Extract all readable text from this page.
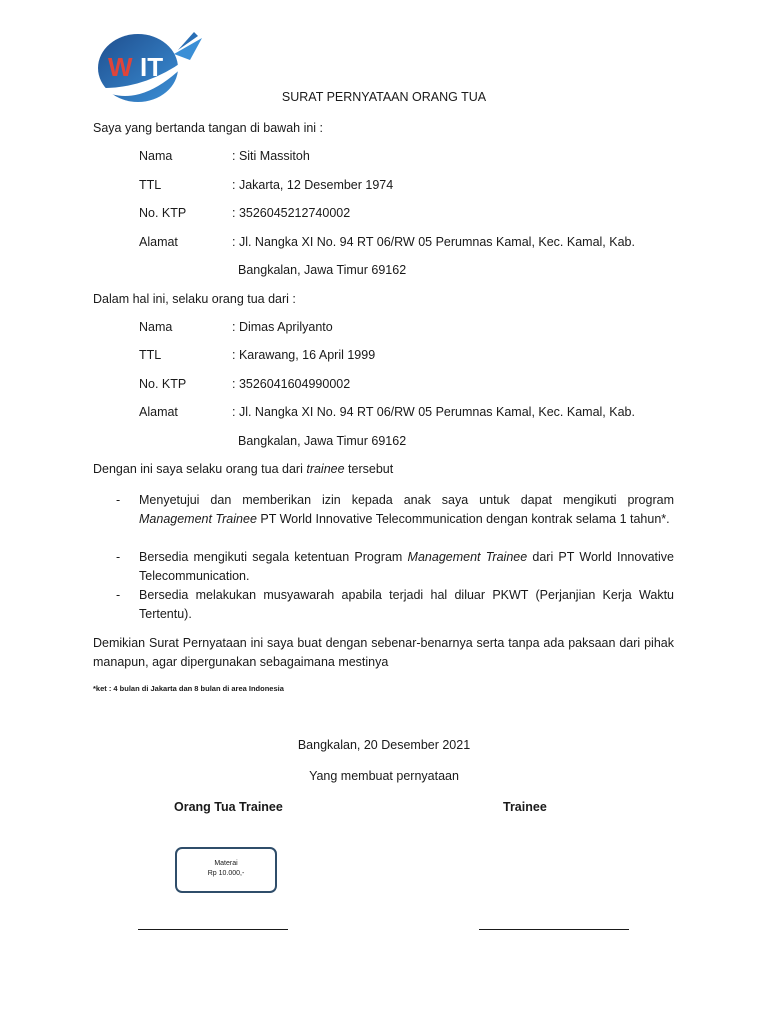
W IT
SURAT PERNYATAAN ORANG TUA
Saya yang bertanda tangan di bawah ini :
Nama	: Siti Massitoh
TTL	: Jakarta, 12 Desember 1974
No. KTP	: 3526045212740002
Alamat	: Jl. Nangka XI No. 94 RT 06/RW 05 Perumnas Kamal, Kec. Kamal, Kab.
Bangkalan, Jawa Timur 69162
Dalam hal ini, selaku orang tua dari :
Nama	: Dimas Aprilyanto
TTL	: Karawang, 16 April 1999
No. KTP	: 3526041604990002
Alamat	: Jl. Nangka XI No. 94 RT 06/RW 05 Perumnas Kamal, Kec. Kamal, Kab.
Bangkalan, Jawa Timur 69162
Dengan ini saya selaku orang tua dari trainee tersebut
-	Menyetujui dan memberikan izin kepada anak saya untuk dapat mengikuti program Management Trainee PT World Innovative Telecommunication dengan kontrak selama 1 tahun*.
-	Bersedia mengikuti segala ketentuan Program Management Trainee dari PT World Innovative Telecommunication.
-	Bersedia melakukan musyawarah apabila terjadi hal diluar PKWT (Perjanjian Kerja Waktu Tertentu).
Demikian Surat Pernyataan ini saya buat dengan sebenar-benarnya serta tanpa ada paksaan dari pihak manapun, agar dipergunakan sebagaimana mestinya
*ket : 4 bulan di Jakarta dan 8 bulan di area Indonesia
Bangkalan, 20 Desember 2021
Yang membuat pernyataan
Orang Tua Trainee	Trainee
Materai
Rp 10.000,-
